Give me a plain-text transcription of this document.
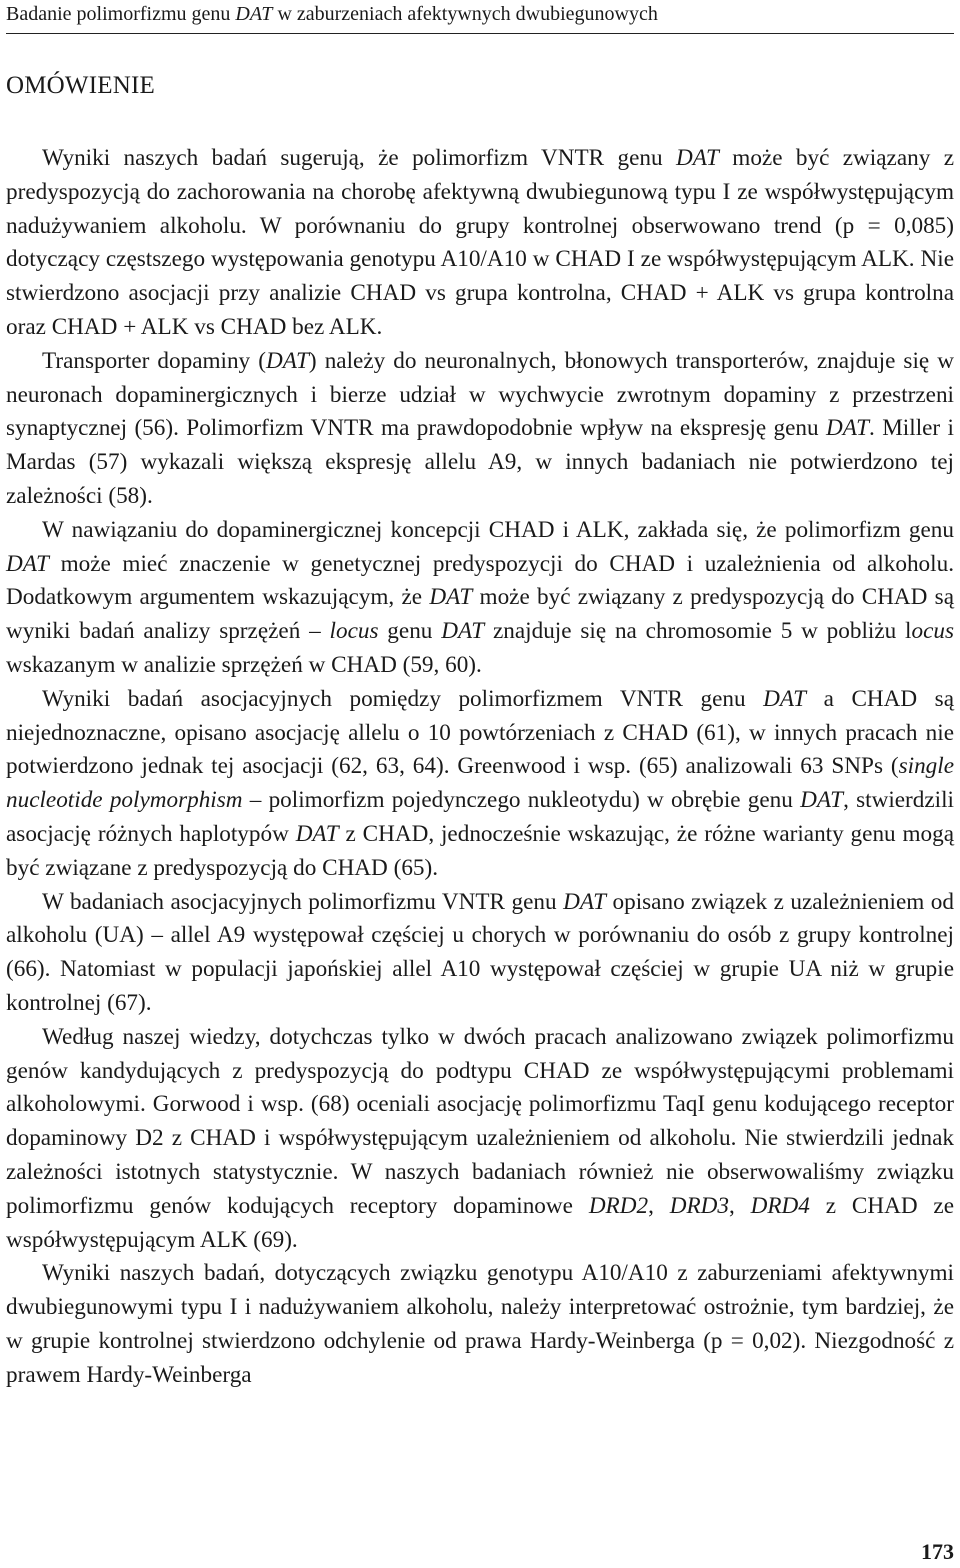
Badanie polimorfizmu genu DAT w zaburzeniach afektywnych dwubiegunowych
OMÓWIENIE

Wyniki naszych badań sugerują, że polimorfizm VNTR genu DAT może być związany z predyspozycją do zachorowania na chorobę afektywną dwubiegunową typu I ze współwystępującym nadużywaniem alkoholu. W porównaniu do grupy kontrolnej obserwowano trend (p = 0,085) dotyczący częstszego występowania genotypu A10/A10 w CHAD I ze współwystępującym ALK. Nie stwierdzono asocjacji przy analizie CHAD vs grupa kontrolna, CHAD + ALK vs grupa kontrolna oraz CHAD + ALK vs CHAD bez ALK.

Transporter dopaminy (DAT) należy do neuronalnych, błonowych transporterów, znajduje się w neuronach dopaminergicznych i bierze udział w wychwycie zwrotnym dopaminy z przestrzeni synaptycznej (56). Polimorfizm VNTR ma prawdopodobnie wpływ na ekspresję genu DAT. Miller i Mardas (57) wykazali większą ekspresję allelu A9, w innych badaniach nie potwierdzono tej zależności (58).

W nawiązaniu do dopaminergicznej koncepcji CHAD i ALK, zakłada się, że polimorfizm genu DAT może mieć znaczenie w genetycznej predyspozycji do CHAD i uzależnienia od alkoholu. Dodatkowym argumentem wskazującym, że DAT może być związany z predyspozycją do CHAD są wyniki badań analizy sprzężeń – locus genu DAT znajduje się na chromosomie 5 w pobliżu locus wskazanym w analizie sprzężeń w CHAD (59, 60).

Wyniki badań asocjacyjnych pomiędzy polimorfizmem VNTR genu DAT a CHAD są niejednoznaczne, opisano asocjację allelu o 10 powtórzeniach z CHAD (61), w innych pracach nie potwierdzono jednak tej asocjacji (62, 63, 64). Greenwood i wsp. (65) analizowali 63 SNPs (single nucleotide polymorphism – polimorfizm pojedynczego nukleotydu) w obrębie genu DAT, stwierdzili asocjację różnych haplotypów DAT z CHAD, jednocześnie wskazując, że różne warianty genu mogą być związane z predyspozycją do CHAD (65).

W badaniach asocjacyjnych polimorfizmu VNTR genu DAT opisano związek z uzależnieniem od alkoholu (UA) – allel A9 występował częściej u chorych w porównaniu do osób z grupy kontrolnej (66). Natomiast w populacji japońskiej allel A10 występował częściej w grupie UA niż w grupie kontrolnej (67).

Według naszej wiedzy, dotychczas tylko w dwóch pracach analizowano związek polimorfizmu genów kandydujących z predyspozycją do podtypu CHAD ze współwystępującymi problemami alkoholowymi. Gorwood i wsp. (68) oceniali asocjację polimorfizmu TaqI genu kodującego receptor dopaminowy D2 z CHAD i współwystępującym uzależnieniem od alkoholu. Nie stwierdzili jednak zależności istotnych statystycznie. W naszych badaniach również nie obserwowaliśmy związku polimorfizmu genów kodujących receptory dopaminowe DRD2, DRD3, DRD4 z CHAD ze współwystępującym ALK (69).

Wyniki naszych badań, dotyczących związku genotypu A10/A10 z zaburzeniami afektywnymi dwubiegunowymi typu I i nadużywaniem alkoholu, należy interpretować ostrożnie, tym bardziej, że w grupie kontrolnej stwierdzono odchylenie od prawa Hardy-Weinberga (p = 0,02). Niezgodność z prawem Hardy-Weinberga

173
